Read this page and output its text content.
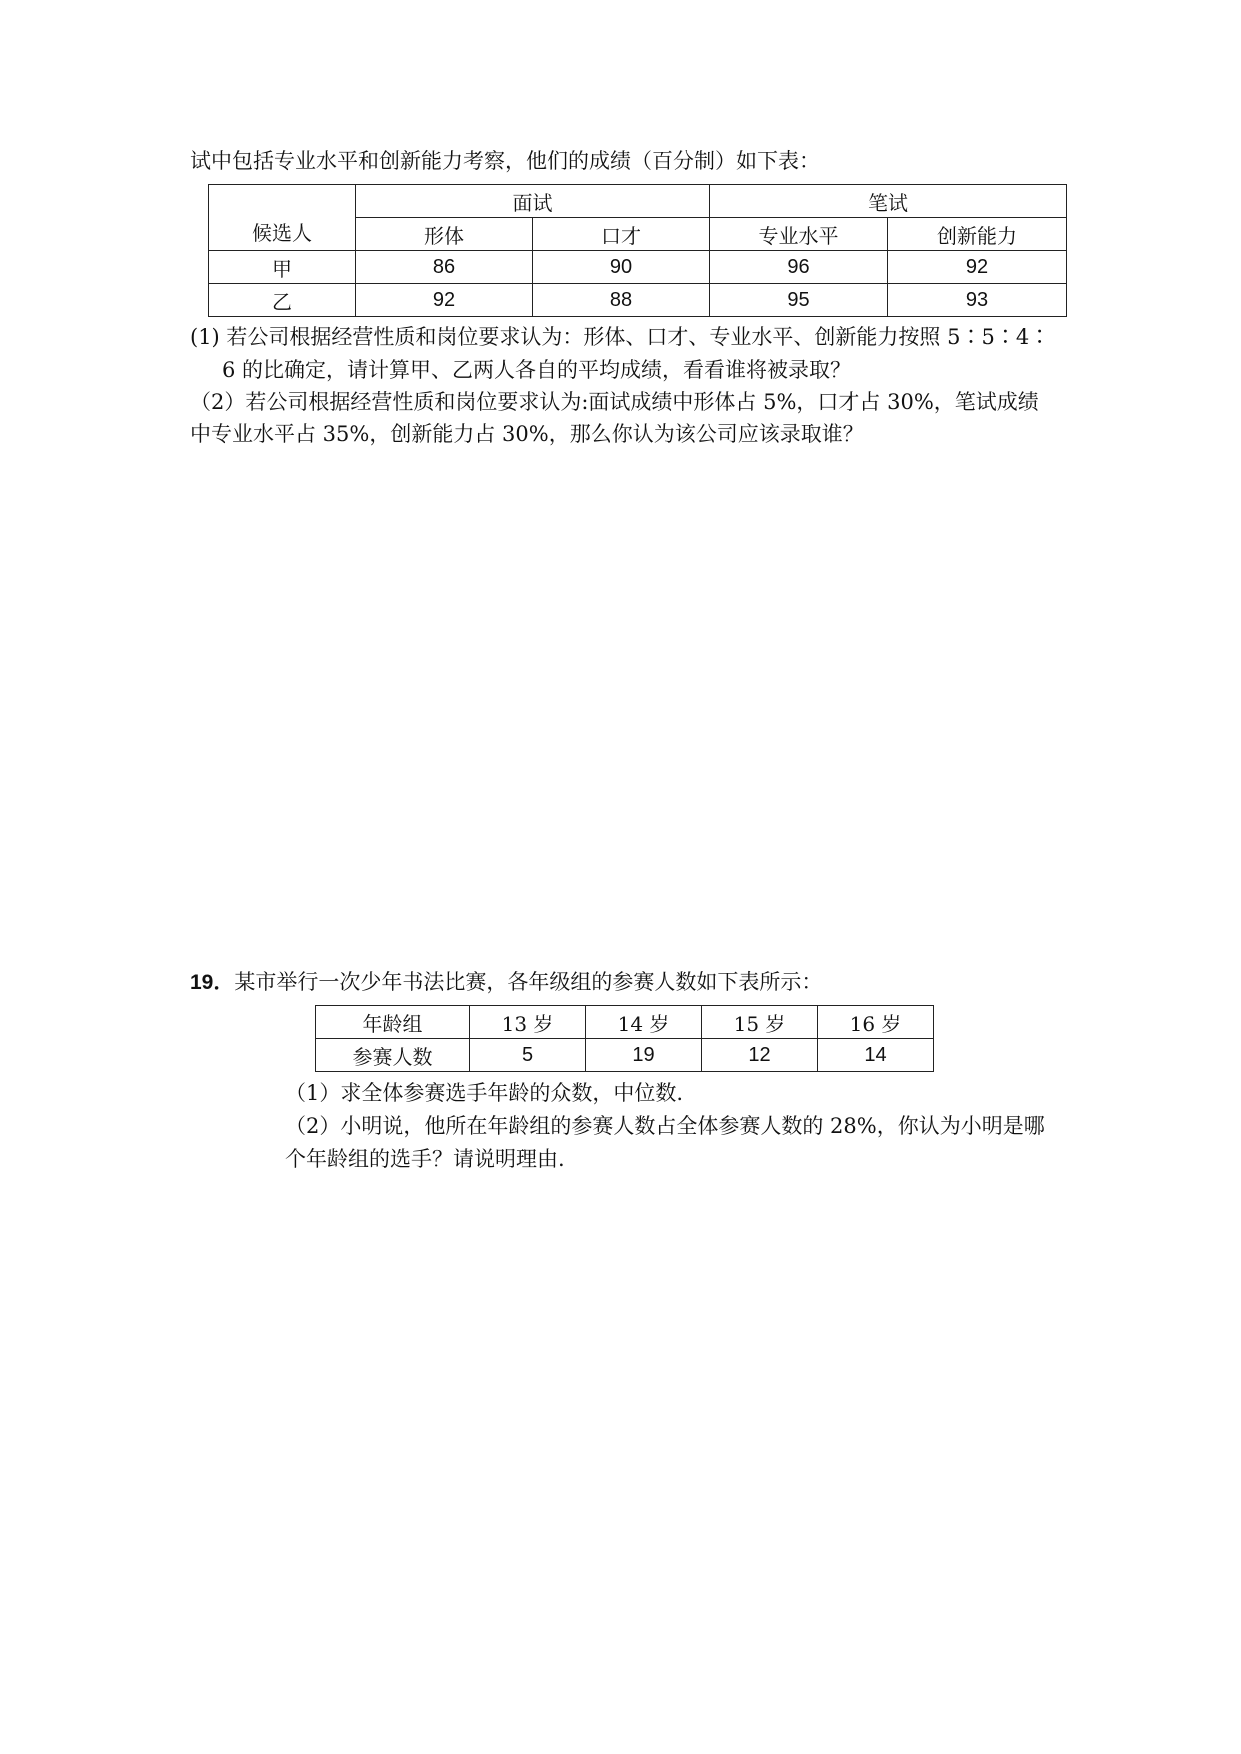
试中包括专业水平和创新能力考察，他们的成绩（百分制）如下表：
候选人	面试		笔试	
	形体	口才	专业水平	创新能力
甲	86	90	96	92
乙	92	88	95	93
(1) 若公司根据经营性质和岗位要求认为：形体、口才、专业水平、创新能力按照 5∶5∶4∶
6 的比确定，请计算甲、乙两人各自的平均成绩，看看谁将被录取？
（2）若公司根据经营性质和岗位要求认为:面试成绩中形体占 5%，口才占 30%，笔试成绩
中专业水平占 35%，创新能力占 30%，那么你认为该公司应该录取谁？
19．某市举行一次少年书法比赛，各年级组的参赛人数如下表所示：
年龄组	13 岁	14 岁	15 岁	16 岁
参赛人数	5	19	12	14
（1）求全体参赛选手年龄的众数，中位数.
（2）小明说，他所在年龄组的参赛人数占全体参赛人数的 28%，你认为小明是哪
个年龄组的选手？请说明理由.
